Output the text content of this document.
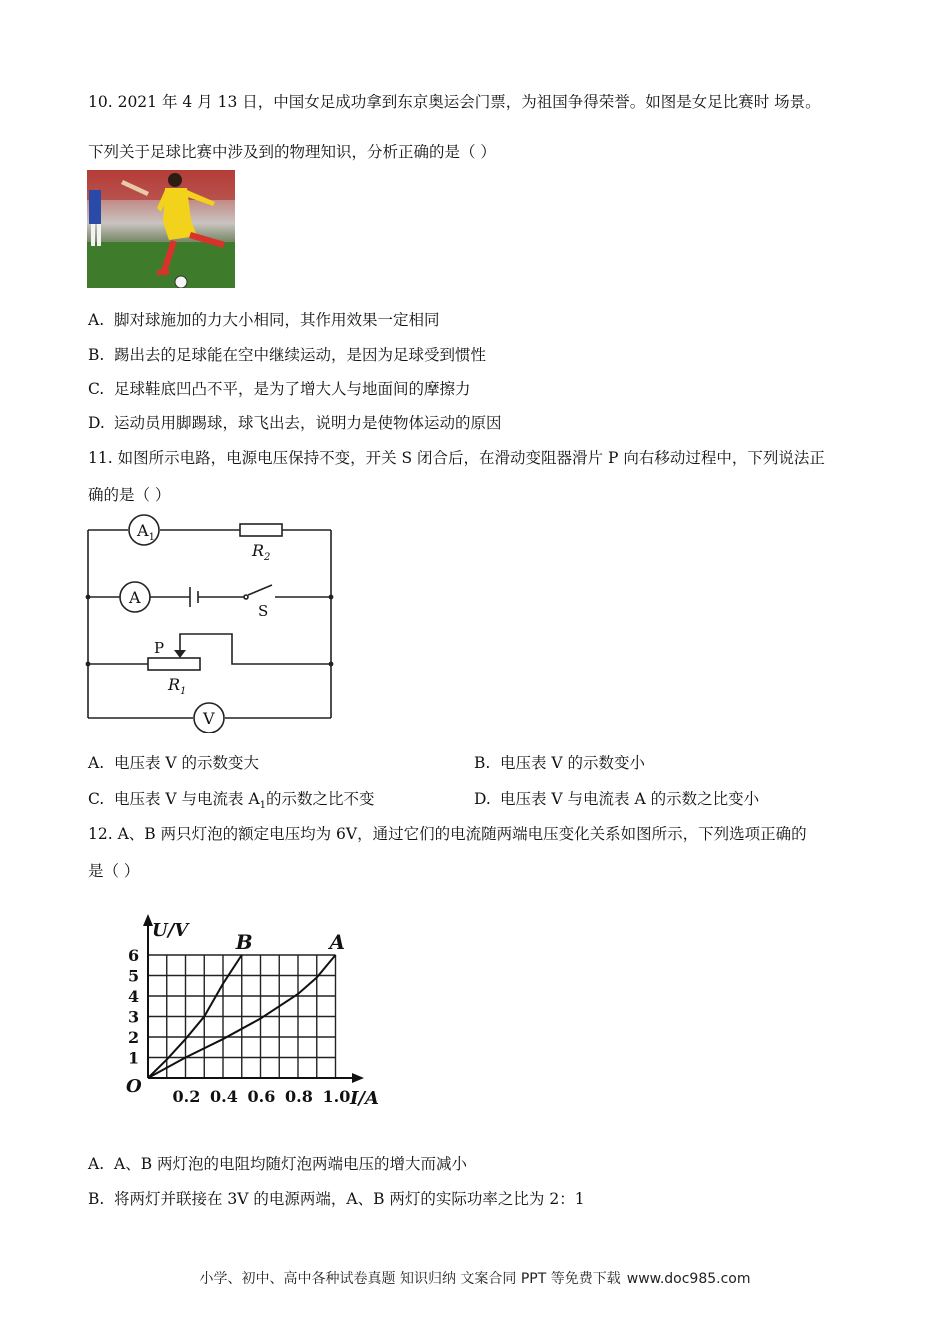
10. 2021 年 4 月 13 日，中国女足成功拿到东京奥运会门票，为祖国争得荣誉。如图是女足比赛时 场景。
下列关于足球比赛中涉及到的物理知识，分析正确的是（ ）
A. 脚对球施加的力大小相同，其作用效果一定相同
B. 踢出去的足球能在空中继续运动，是因为足球受到惯性
C. 足球鞋底凹凸不平，是为了增大人与地面间的摩擦力
D. 运动员用脚踢球，球飞出去，说明力是使物体运动的原因
11. 如图所示电路，电源电压保持不变，开关 S 闭合后，在滑动变阻器滑片 P 向右移动过程中，下列说法正
确的是（ ）
$A_1$
$R_2$
A
S
P
$R_1$
V
A. 电压表 V 的示数变大	B. 电压表 V 的示数变小
C. 电压表 V 与电流表 $A_1$的示数之比不变	D. 电压表 V 与电流表 A 的示数之比变小
12. A、B 两只灯泡的额定电压均为 6V，通过它们的电流随两端电压变化关系如图所示，下列选项正确的
是（ ）
B	A
1
2
3
4
5
6
0.2 0.4 0.6 0.8 1.0
O
U/V
I/A
A. A、B 两灯泡的电阻均随灯泡两端电压的增大而减小
B. 将两灯并联接在 3V 的电源两端，A、B 两灯的实际功率之比为 2：1
小学、初中、高中各种试卷真题 知识归纳 文案合同 PPT 等免费下载 www.doc985.com
